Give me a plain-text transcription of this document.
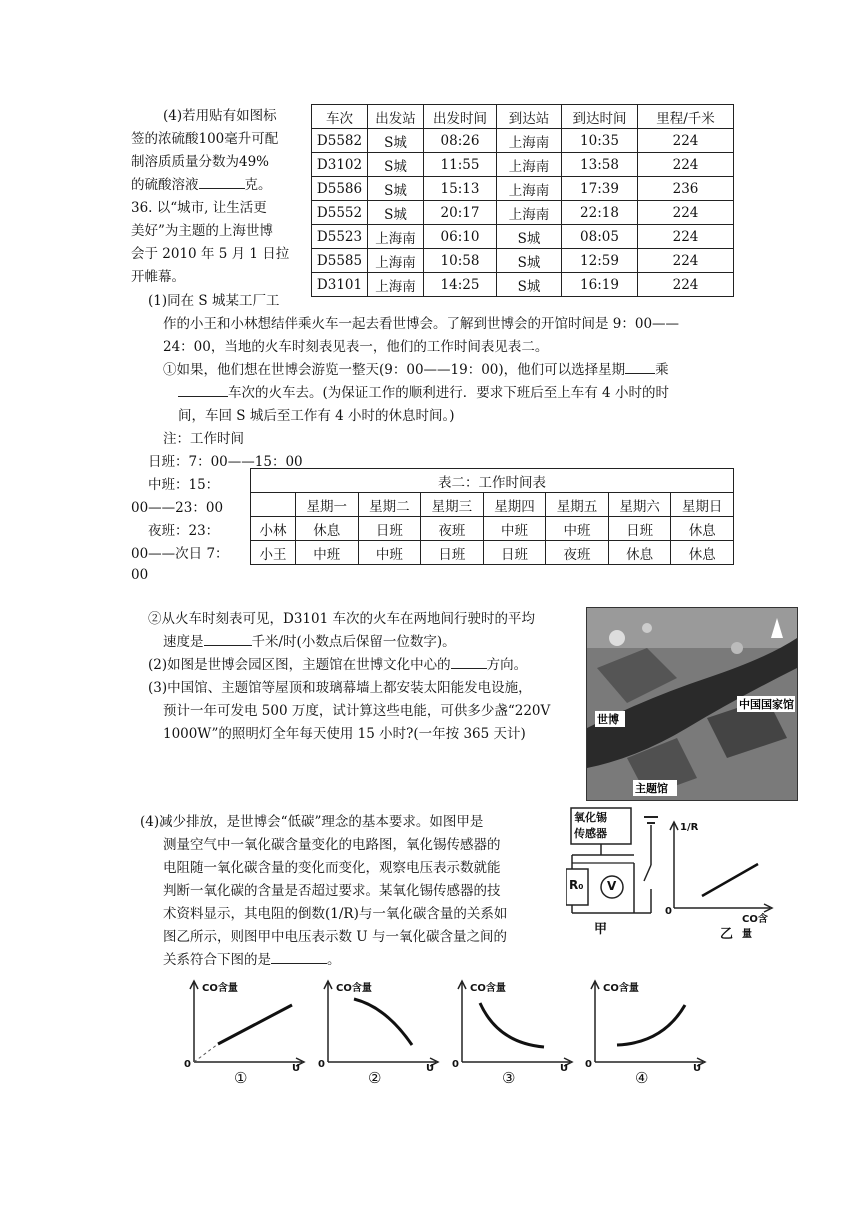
(4)若用贴有如图标
签的浓硫酸100毫升可配
制溶质质量分数为49%
的硫酸溶液	克。
36. 以“城市, 让生活更
美好”为主题的上海世博
会于 2010 年 5 月 1 日拉
开帷幕。
车次	出发站	出发时间	到达站	到达时间	里程/千米
D5582	S城	08:26	上海南	10:35	224
D3102	S城	11:55	上海南	13:58	224
D5586	S城	15:13	上海南	17:39	236
D5552	S城	20:17	上海南	22:18	224
D5523	上海南	06:10	S城	08:05	224
D5585	上海南	10:58	S城	12:59	224
D3101	上海南	14:25	S城	16:19	224
(1)同在 S 城某工厂工
作的小王和小林想结伴乘火车一起去看世博会。了解到世博会的开馆时间是 9：00——
24：00，当地的火车时刻表见表一，他们的工作时间表见表二。
①如果，他们想在世博会游览一整天(9：00——19：00)，他们可以选择星期 乘
车次的火车去。(为保证工作的顺利进行．要求下班后至上车有 4 小时的时
间，车回 S 城后至工作有 4 小时的休息时间。)
注：工作时间
日班：7：00——15：00
中班：15：
00——23：00
夜班：23：
00——次日 7：
00
表二：工作时间表							
	星期一	星期二	星期三	星期四	星期五	星期六	星期日
小林	休息	日班	夜班	中班	中班	日班	休息
小王	中班	中班	日班	日班	夜班	休息	休息
②从火车时刻表可见，D3101 车次的火车在两地间行驶时的平均
速度是	千米/时(小数点后保留一位数字)。
(2)如图是世博会园区图，主题馆在世博文化中心的	方向。
(3)中国馆、主题馆等屋顶和玻璃幕墙上都安装太阳能发电设施，
预计一年可发电 500 万度，试计算这些电能，可供多少盏“220V
1000W”的照明灯全年每天使用 15 小时?(一年按 365 天计)
中国国家馆
世博
主题馆
(4)减少排放，是世博会“低碳”理念的基本要求。如图甲是
测量空气中一氧化碳含量变化的电路图，氧化锡传感器的
电阻随一氧化碳含量的变化而变化，观察电压表示数就能
判断一氧化碳的含量是否超过要求。某氧化锡传感器的技
术资料显示，其电阻的倒数(1/R)与一氧化碳含量的关系如
图乙所示，则图甲中电压表示数 U 与一氧化碳含量之间的
关系符合下图的是	。
氧化锡
传感器
R₀ V
甲
1/R
CO含量
0
乙
CO含量
U
0
①
CO含量
U
0
②
CO含量
U
0
③
CO含量
U
0
④
